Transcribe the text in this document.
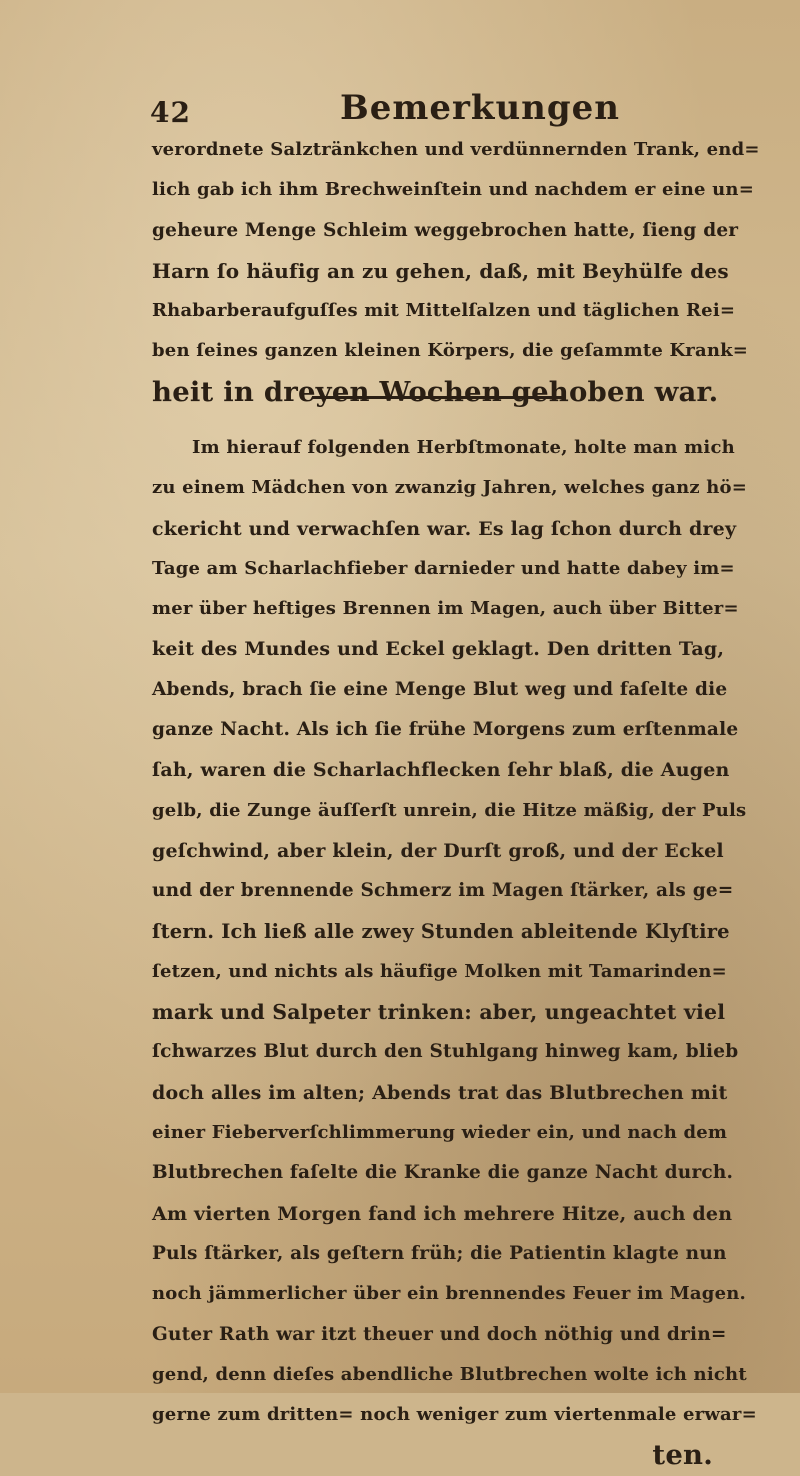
42	Bemerkungen
verordnete Salztränkchen und verdünnernden Trank, end=
lich gab ich ihm Brechweinſtein und nachdem er eine un=
geheure Menge Schleim weggebrochen hatte, ſieng der
Harn ſo häufig an zu gehen, daß, mit Beyhülfe des
Rhabarberaufguſſes mit Mittelſalzen und täglichen Rei=
ben ſeines ganzen kleinen Körpers, die geſammte Krank=
heit in dreyen Wochen gehoben war.
Im hierauf folgenden Herbſtmonate, holte man mich
zu einem Mädchen von zwanzig Jahren, welches ganz hö=
ckericht und verwachſen war. Es lag ſchon durch drey
Tage am Scharlachfieber darnieder und hatte dabey im=
mer über heftiges Brennen im Magen, auch über Bitter=
keit des Mundes und Eckel geklagt. Den dritten Tag,
Abends, brach ſie eine Menge Blut weg und faſelte die
ganze Nacht. Als ich ſie frühe Morgens zum erſtenmale
ſah, waren die Scharlachflecken ſehr blaß, die Augen
gelb, die Zunge äuſſerſt unrein, die Hitze mäßig, der Puls
geſchwind, aber klein, der Durſt groß, und der Eckel
und der brennende Schmerz im Magen ſtärker, als ge=
ſtern. Ich ließ alle zwey Stunden ableitende Klyſtire
ſetzen, und nichts als häufige Molken mit Tamarinden=
mark und Salpeter trinken: aber, ungeachtet viel
ſchwarzes Blut durch den Stuhlgang hinweg kam, blieb
doch alles im alten; Abends trat das Blutbrechen mit
einer Fieberverſchlimmerung wieder ein, und nach dem
Blutbrechen faſelte die Kranke die ganze Nacht durch.
Am vierten Morgen fand ich mehrere Hitze, auch den
Puls ſtärker, als geſtern früh; die Patientin klagte nun
noch jämmerlicher über ein brennendes Feuer im Magen.
Guter Rath war itzt theuer und doch nöthig und drin=
gend, denn dieſes abendliche Blutbrechen wolte ich nicht
gerne zum dritten= noch weniger zum viertenmale erwar=
ten.
